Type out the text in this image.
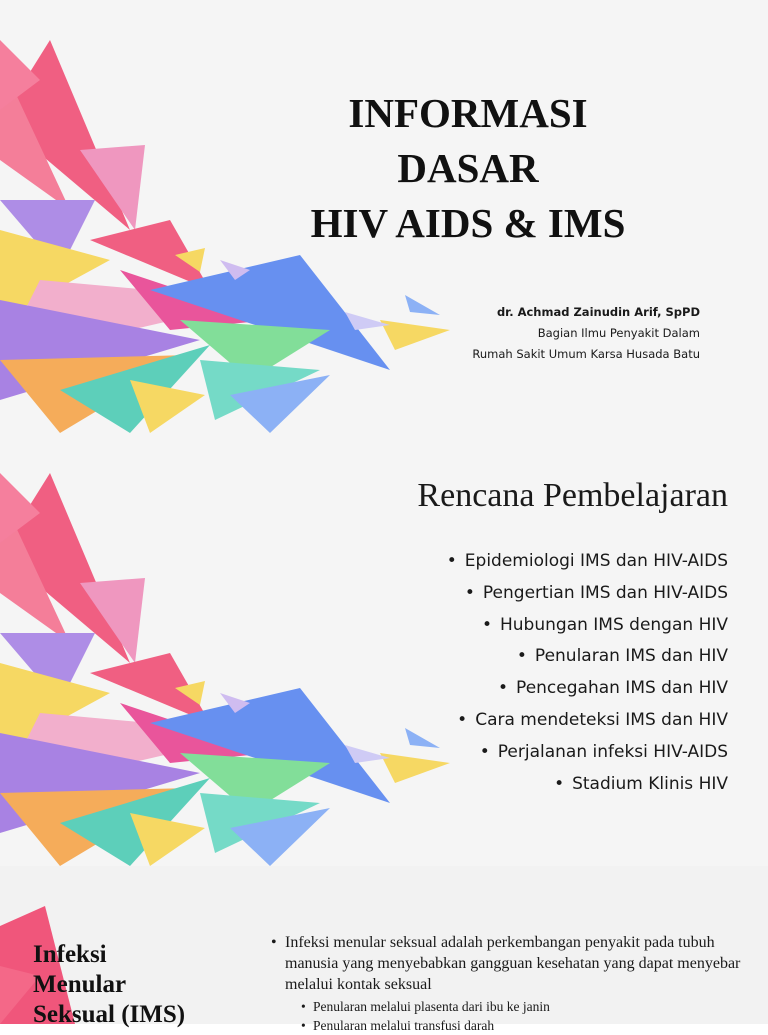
INFORMASI
DASAR
HIV AIDS & IMS
dr. Achmad Zainudin Arif, SpPD
Bagian Ilmu Penyakit Dalam
Rumah Sakit Umum Karsa Husada Batu
Rencana Pembelajaran
• Epidemiologi IMS dan HIV-AIDS
• Pengertian IMS dan HIV-AIDS
• Hubungan IMS dengan HIV
• Penularan IMS dan HIV
• Pencegahan IMS dan HIV
• Cara mendeteksi IMS dan HIV
• Perjalanan infeksi HIV-AIDS
• Stadium Klinis HIV
Infeksi
Menular
Seksual (IMS)
• Infeksi menular seksual adalah perkembangan penyakit pada tubuh manusia yang menyebabkan gangguan kesehatan yang dapat menyebar melalui kontak seksual
• Penularan melalui plasenta dari ibu ke janin
• Penularan melalui transfusi darah
